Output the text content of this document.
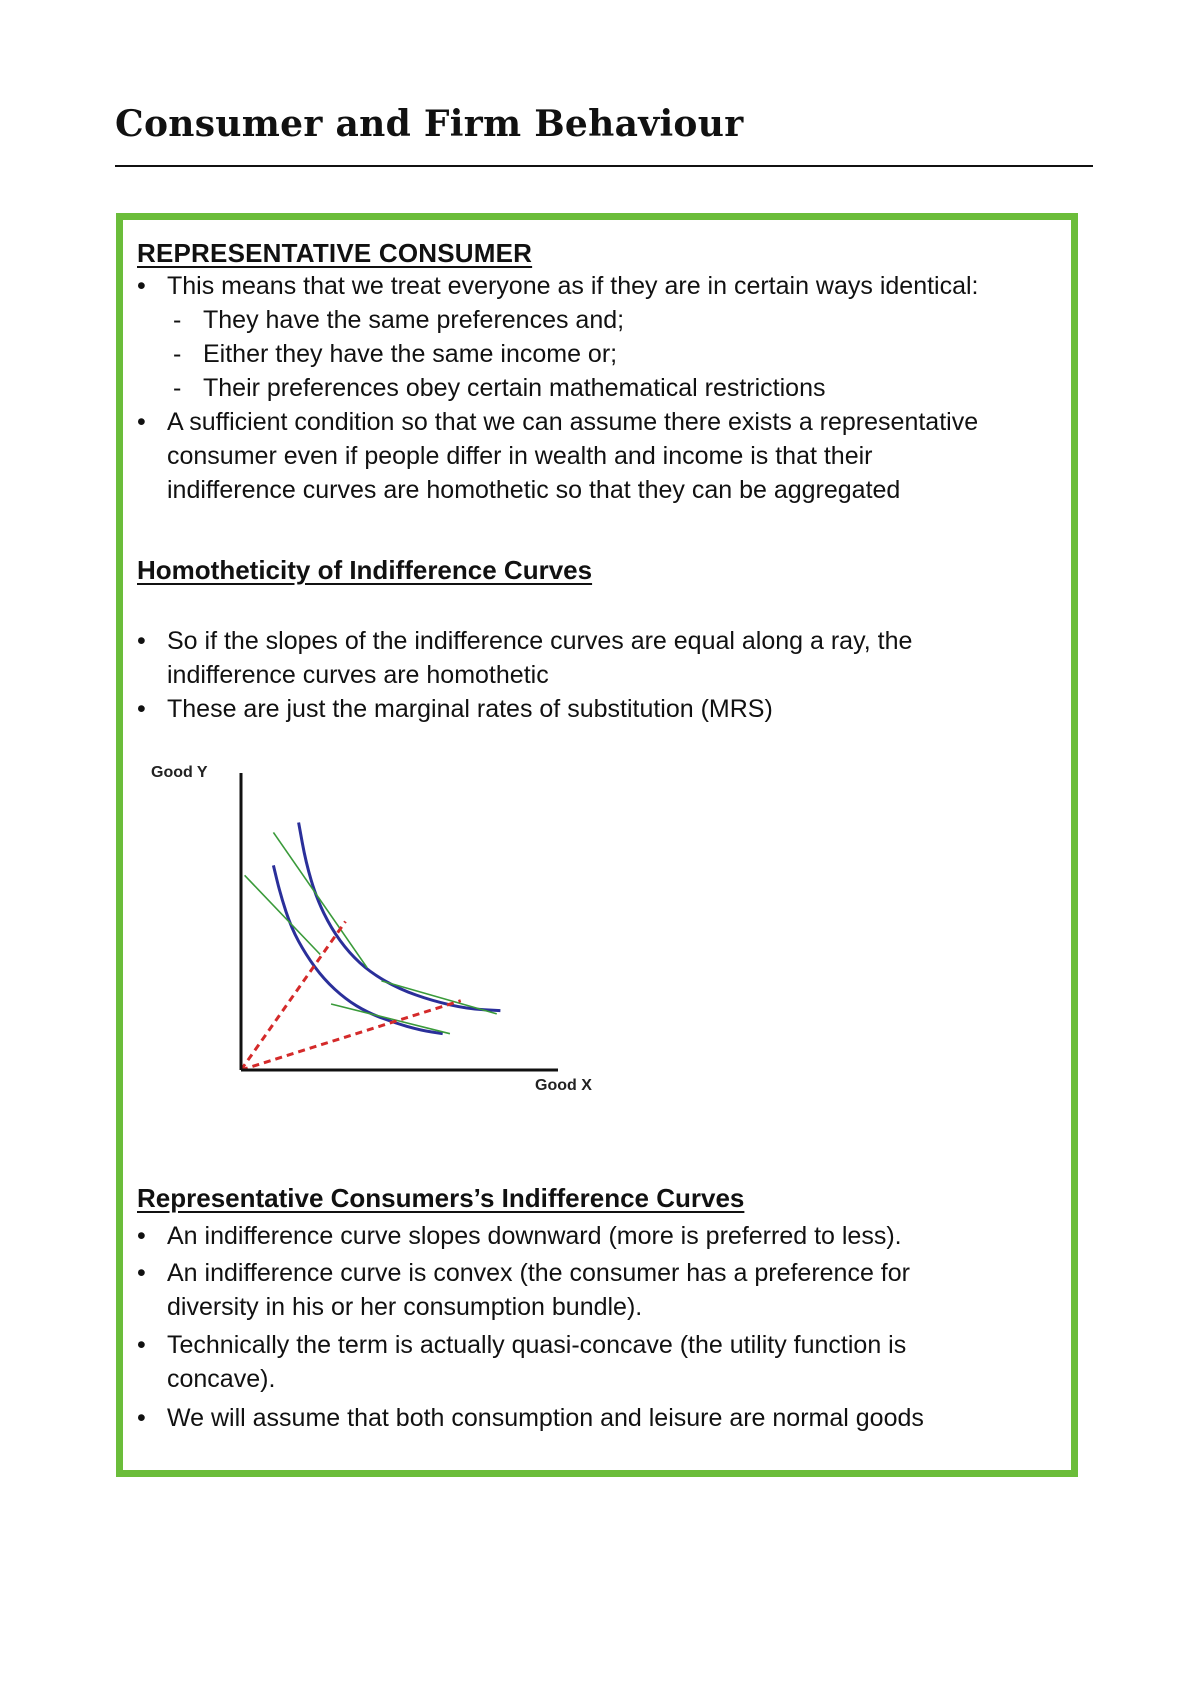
Consumer and Firm Behaviour
REPRESENTATIVE CONSUMER
• This means that we treat everyone as if they are in certain ways identical:

- They have the same preferences and;

- Either they have the same income or;

- Their preferences obey certain mathematical restrictions

• A sufficient condition so that we can assume there exists a representative

consumer even if people differ in wealth and income is that their

indifference curves are homothetic so that they can be aggregated

Homotheticity of Indifference Curves
• So if the slopes of the indifference curves are equal along a ray, the

indifference curves are homothetic

• These are just the marginal rates of substitution (MRS)

Good Y
Good X
Representative Consumers’s Indifference Curves
• An indifference curve slopes downward (more is preferred to less).

• An indifference curve is convex (the consumer has a preference for

diversity in his or her consumption bundle).

• Technically the term is actually quasi-concave (the utility function is

concave).

• We will assume that both consumption and leisure are normal goods
